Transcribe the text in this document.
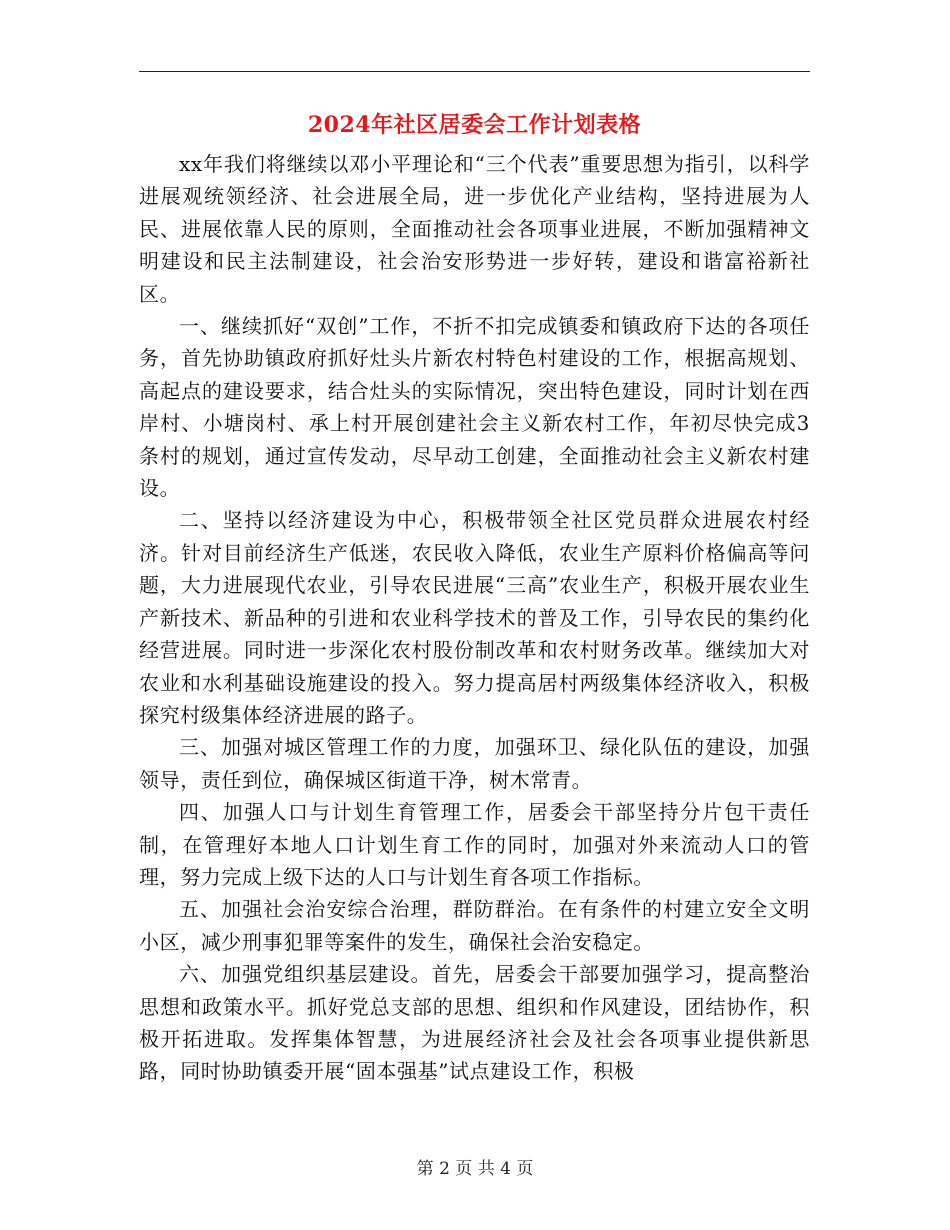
2024年社区居委会工作计划表格

xx年我们将继续以邓小平理论和“三个代表”重要思想为指引，以科学进展观统领经济、社会进展全局，进一步优化产业结构，坚持进展为人民、进展依靠人民的原则，全面推动社会各项事业进展，不断加强精神文明建设和民主法制建设，社会治安形势进一步好转，建设和谐富裕新社区。

一、继续抓好“双创”工作，不折不扣完成镇委和镇政府下达的各项任务，首先协助镇政府抓好灶头片新农村特色村建设的工作，根据高规划、高起点的建设要求，结合灶头的实际情况，突出特色建设，同时计划在西岸村、小塘岗村、承上村开展创建社会主义新农村工作，年初尽快完成3条村的规划，通过宣传发动，尽早动工创建，全面推动社会主义新农村建设。

二、坚持以经济建设为中心，积极带领全社区党员群众进展农村经济。针对目前经济生产低迷，农民收入降低，农业生产原料价格偏高等问题，大力进展现代农业，引导农民进展“三高”农业生产，积极开展农业生产新技术、新品种的引进和农业科学技术的普及工作，引导农民的集约化经营进展。同时进一步深化农村股份制改革和农村财务改革。继续加大对农业和水利基础设施建设的投入。努力提高居村两级集体经济收入，积极探究村级集体经济进展的路子。

三、加强对城区管理工作的力度，加强环卫、绿化队伍的建设，加强领导，责任到位，确保城区街道干净，树木常青。

四、加强人口与计划生育管理工作，居委会干部坚持分片包干责任制，在管理好本地人口计划生育工作的同时，加强对外来流动人口的管理，努力完成上级下达的人口与计划生育各项工作指标。

五、加强社会治安综合治理，群防群治。在有条件的村建立安全文明小区，减少刑事犯罪等案件的发生，确保社会治安稳定。

六、加强党组织基层建设。首先，居委会干部要加强学习，提高整治思想和政策水平。抓好党总支部的思想、组织和作风建设，团结协作，积极开拓进取。发挥集体智慧，为进展经济社会及社会各项事业提供新思路，同时协助镇委开展“固本强基”试点建设工作，积极

第 2 页 共 4 页
